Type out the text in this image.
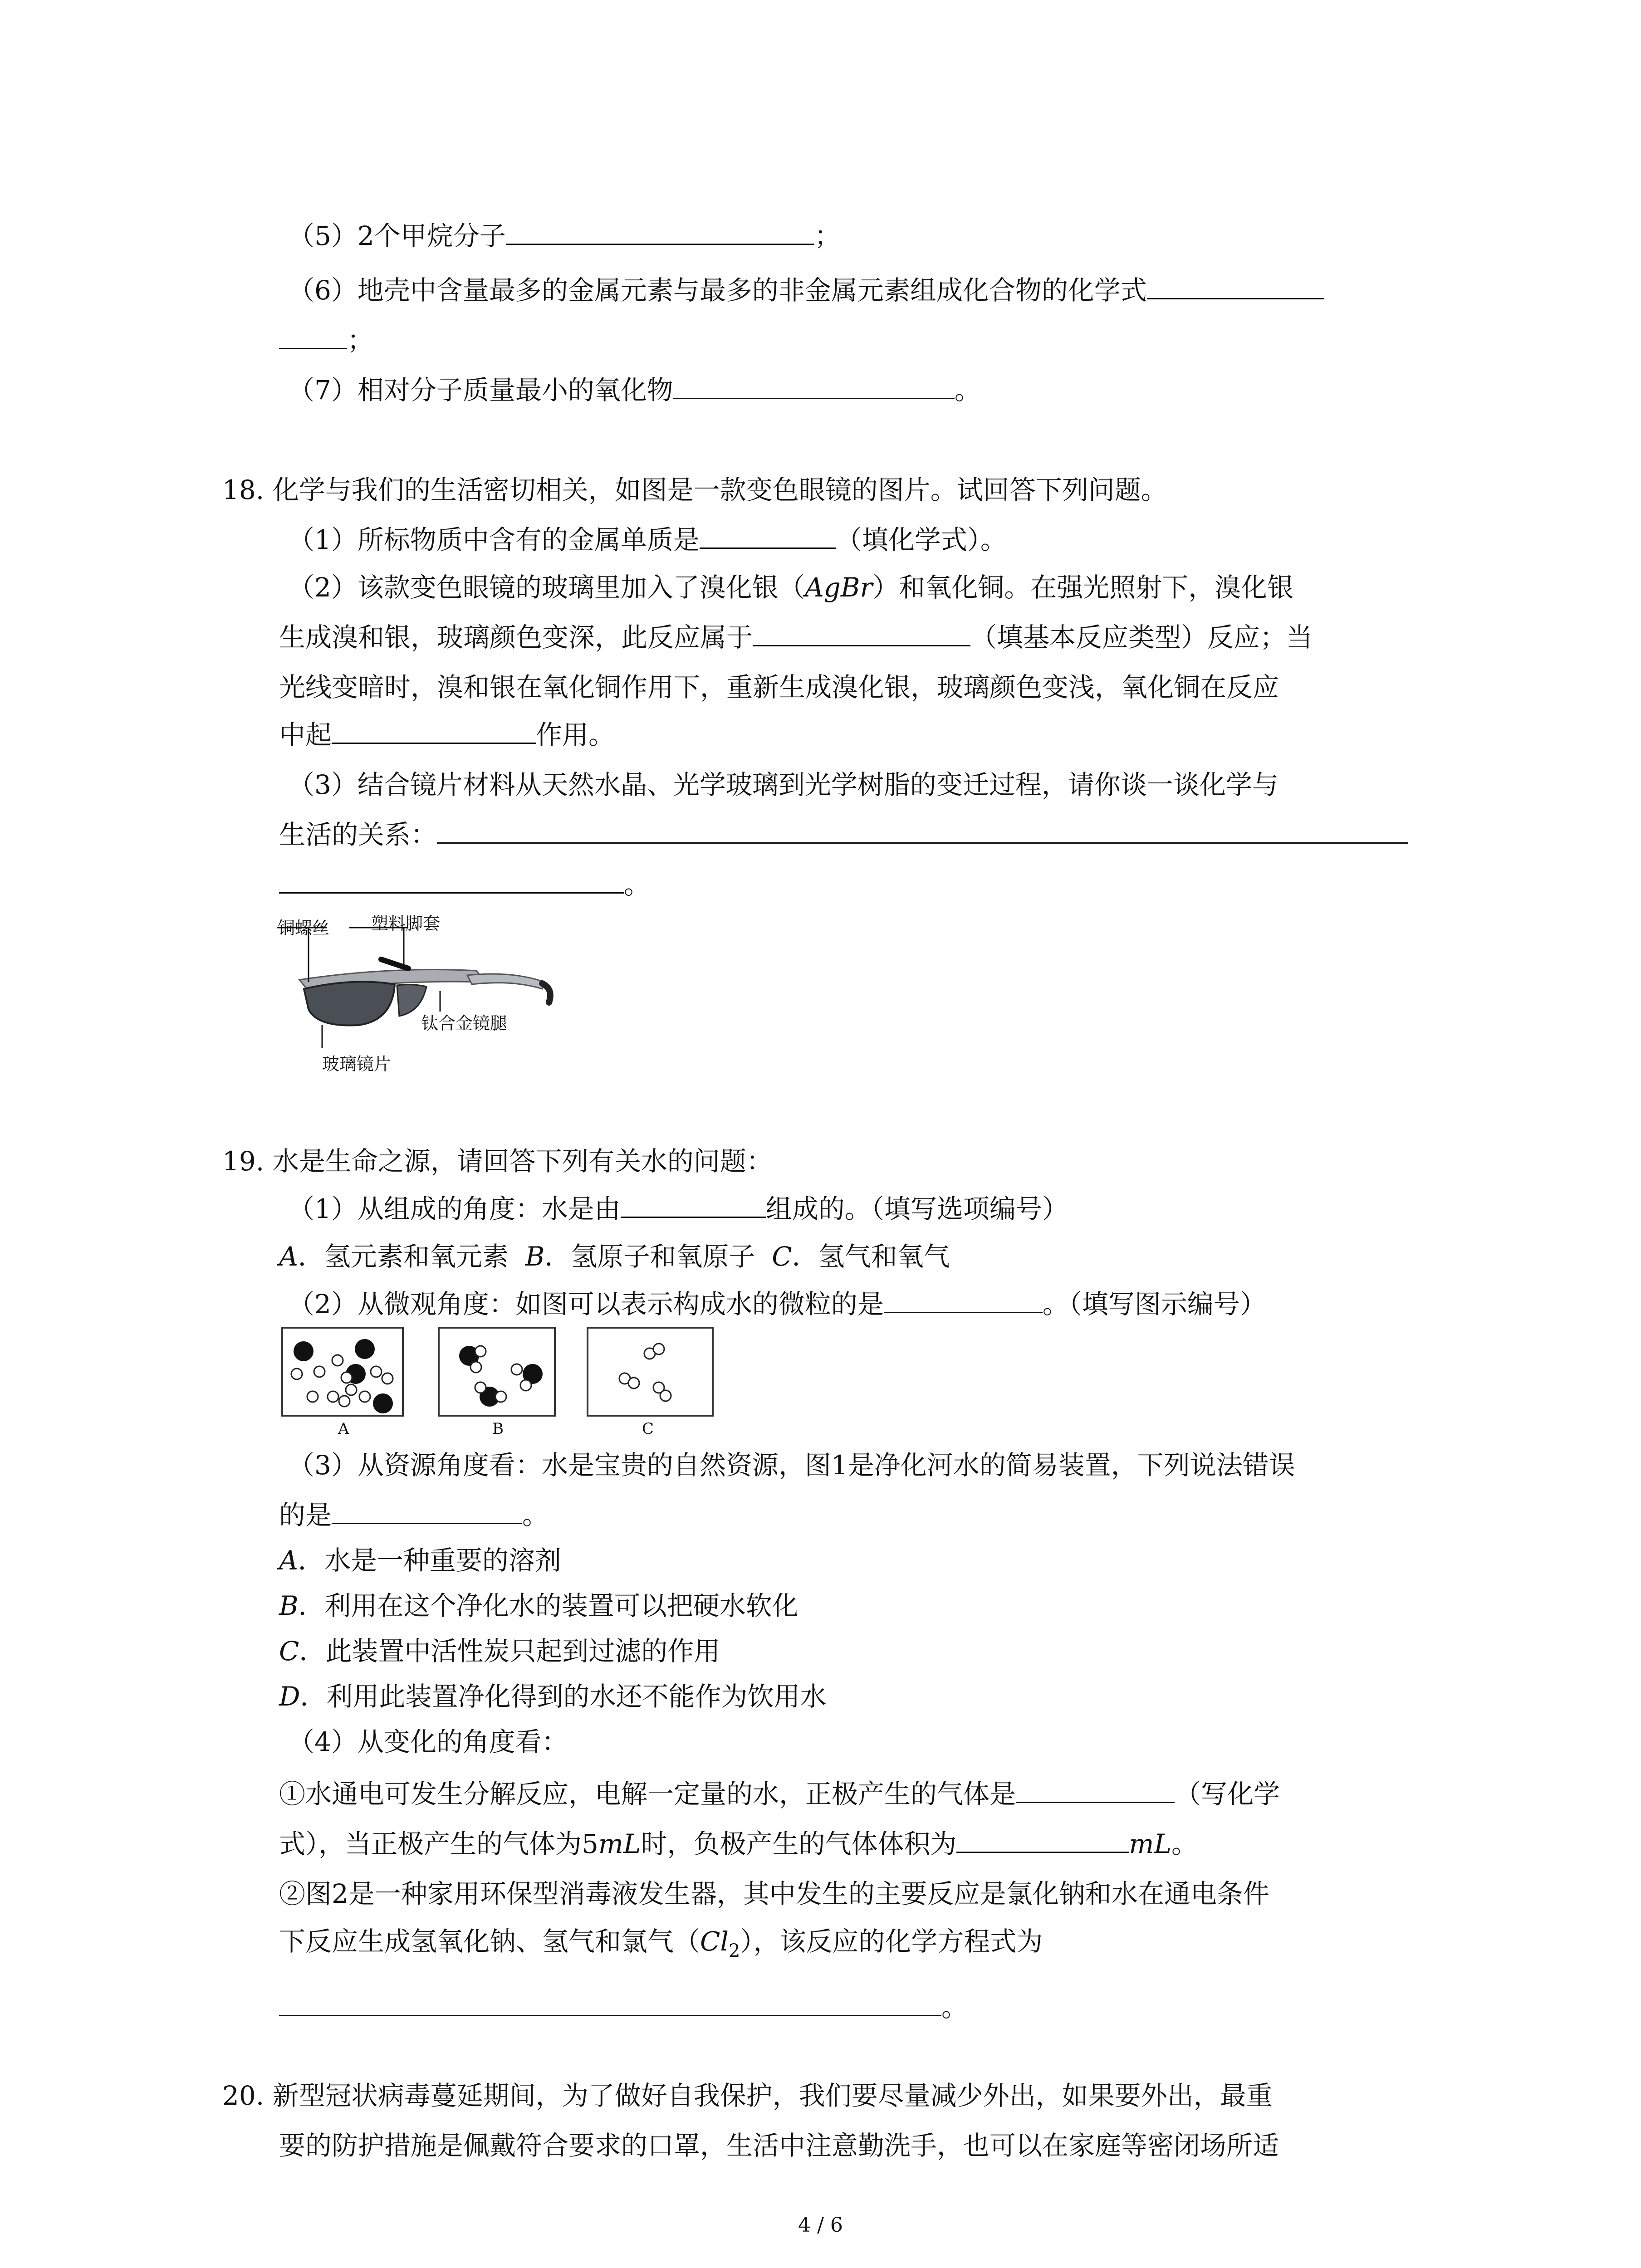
（5）2个甲烷分子	；
（6）地壳中含量最多的金属元素与最多的非金属元素组成化合物的化学式
；
（7）相对分子质量最小的氧化物	。
18. 化学与我们的生活密切相关，如图是一款变色眼镜的图片。试回答下列问题。
（1）所标物质中含有的金属单质是	（填化学式）。
（2）该款变色眼镜的玻璃里加入了溴化银（AgBr）和氧化铜。在强光照射下，溴化银
生成溴和银，玻璃颜色变深，此反应属于	（填基本反应类型）反应；当
光线变暗时，溴和银在氧化铜作用下，重新生成溴化银，玻璃颜色变浅，氧化铜在反应
中起	作用。
（3）结合镜片材料从天然水晶、光学玻璃到光学树脂的变迁过程，请你谈一谈化学与
生活的关系：
。
铜螺丝 塑料脚套
钛合金镜腿
玻璃镜片
19. 水是生命之源，请回答下列有关水的问题：
（1）从组成的角度：水是由	组成的。（填写选项编号）
A．氢元素和氧元素 B．氢原子和氧原子 C．氢气和氧气
（2）从微观角度：如图可以表示构成水的微粒的是	。（填写图示编号）
A	B	C
（3）从资源角度看：水是宝贵的自然资源，图1是净化河水的简易装置，下列说法错误
的是	。
A．水是一种重要的溶剂
B．利用在这个净化水的装置可以把硬水软化
C．此装置中活性炭只起到过滤的作用
D．利用此装置净化得到的水还不能作为饮用水
（4）从变化的角度看：
①水通电可发生分解反应，电解一定量的水，正极产生的气体是	（写化学
式），当正极产生的气体为5mL时，负极产生的气体体积为	mL。
②图2是一种家用环保型消毒液发生器，其中发生的主要反应是氯化钠和水在通电条件
下反应生成氢氧化钠、氢气和氯气$(Cl_2)$，该反应的化学方程式为
。
20. 新型冠状病毒蔓延期间，为了做好自我保护，我们要尽量减少外出，如果要外出，最重
要的防护措施是佩戴符合要求的口罩，生活中注意勤洗手，也可以在家庭等密闭场所适
4 / 6
